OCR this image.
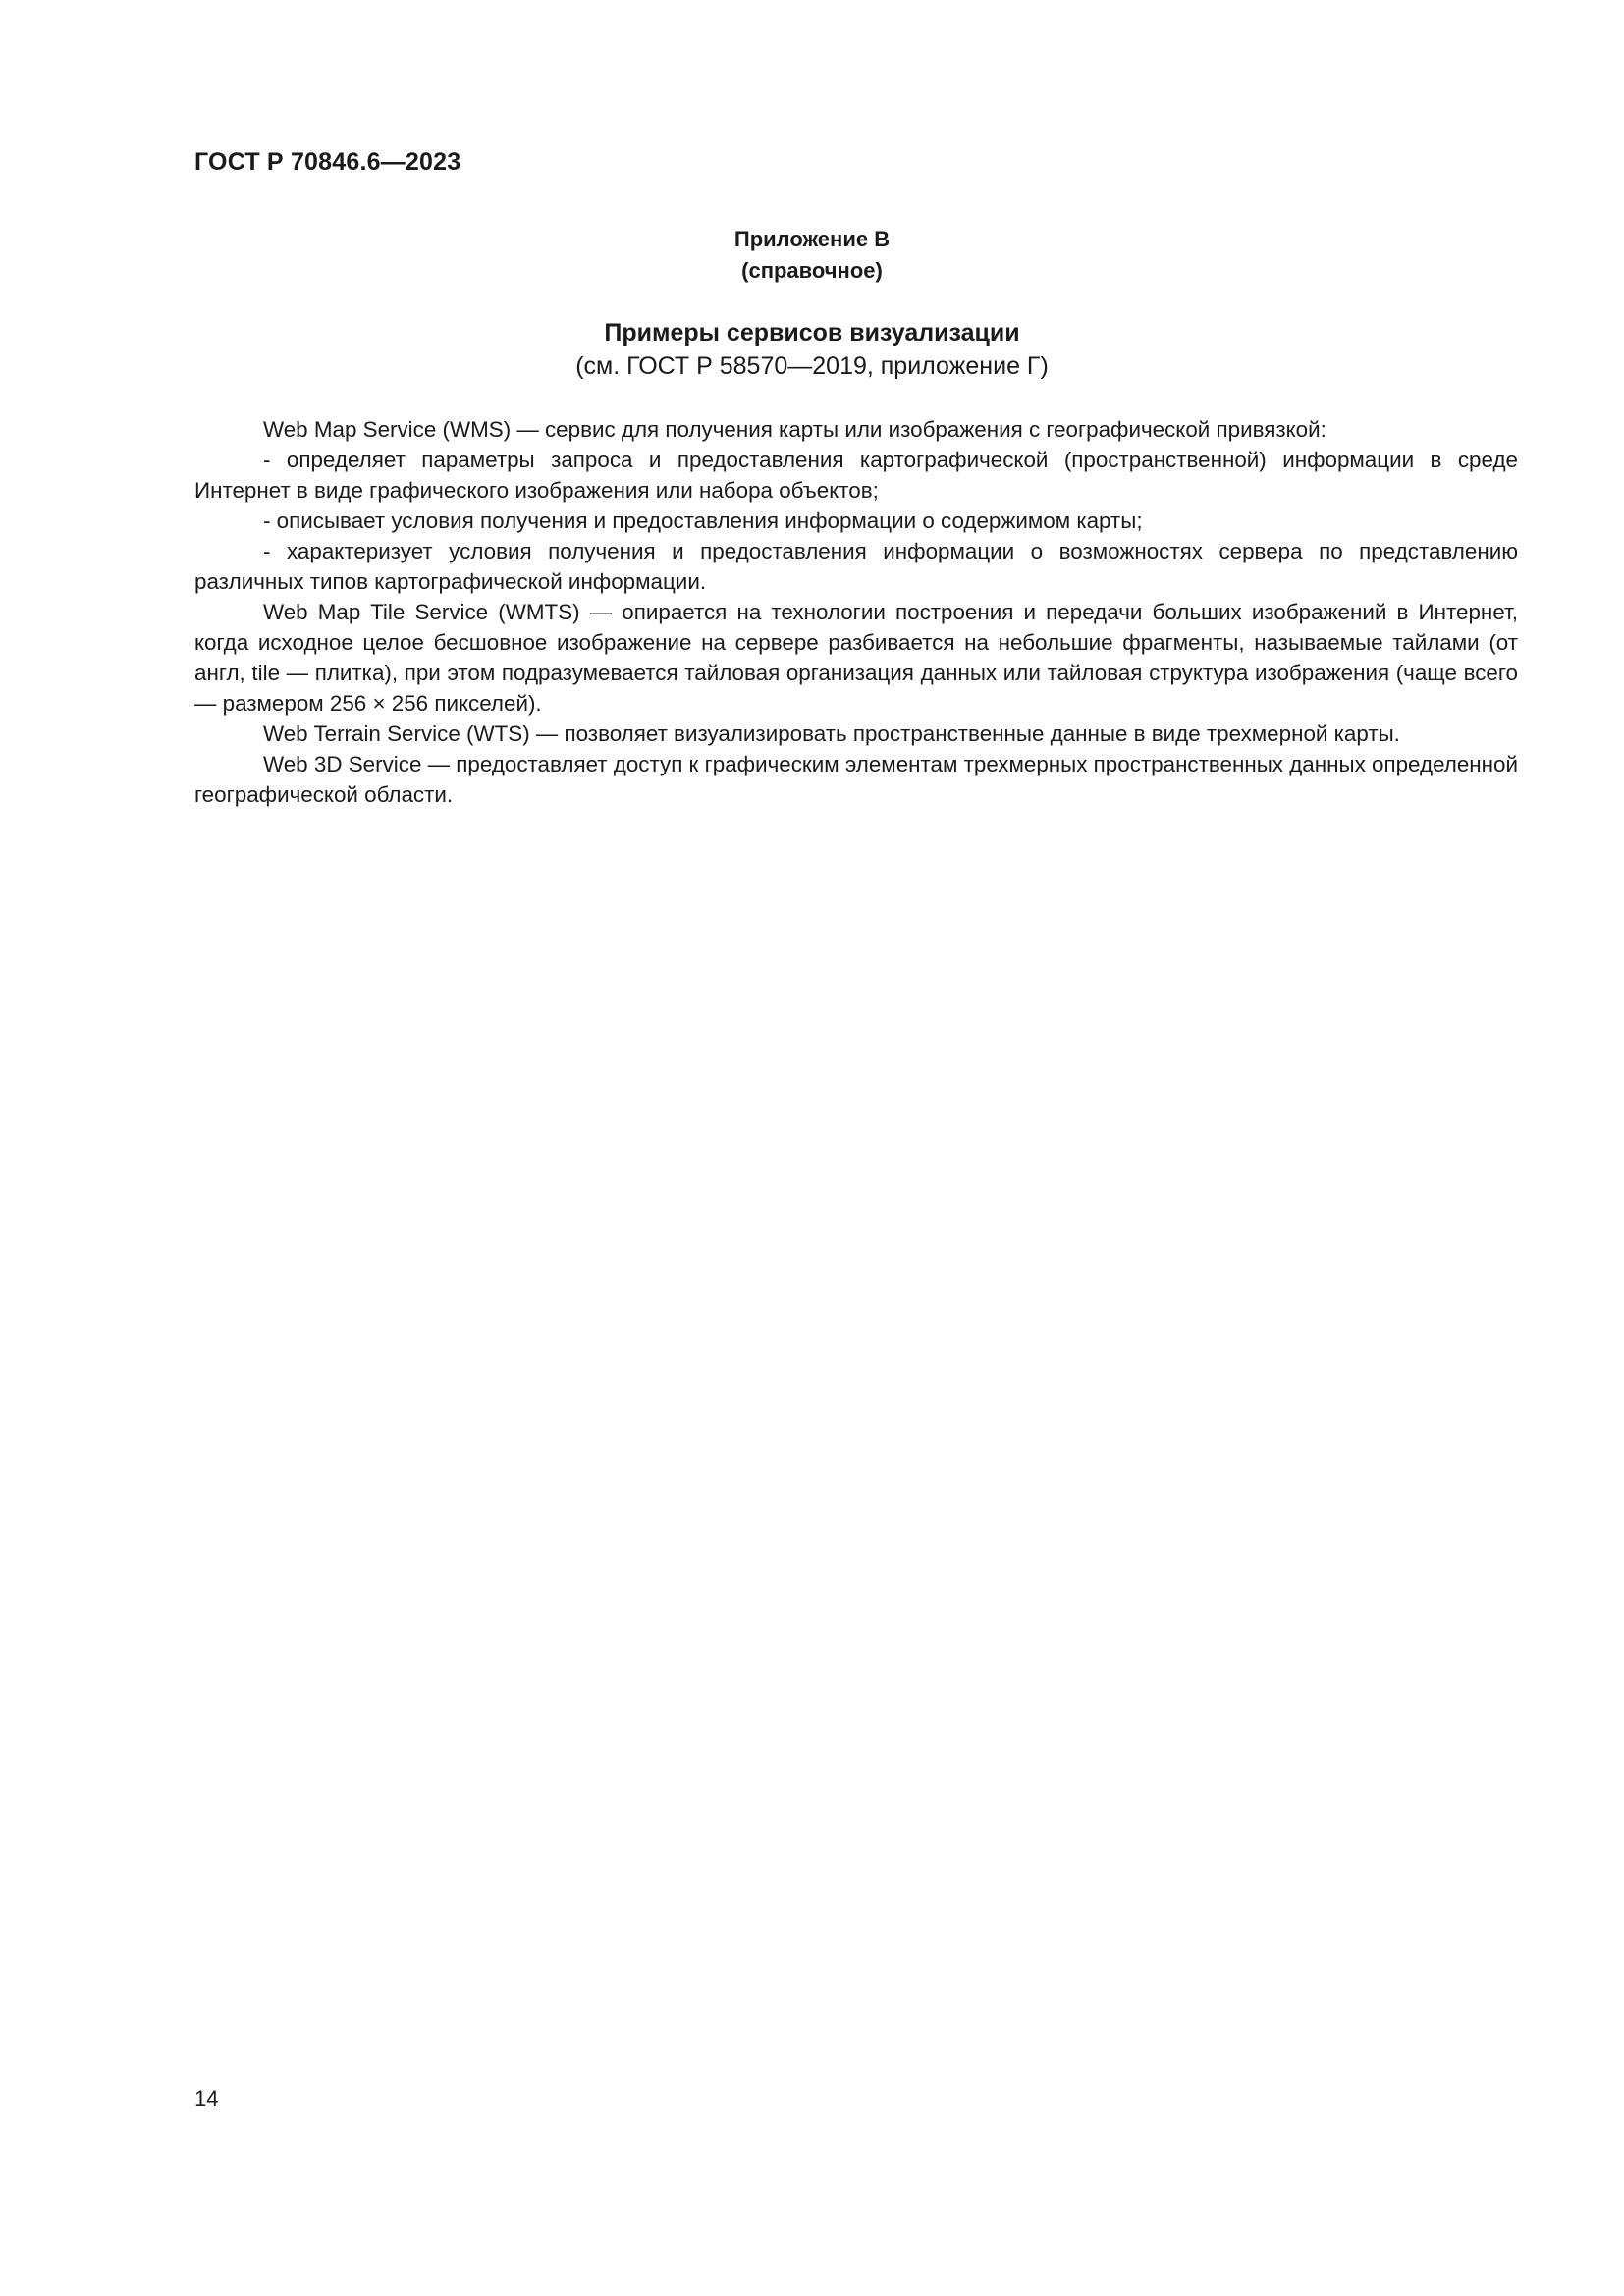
ГОСТ Р 70846.6—2023

Приложение В

(справочное)

Примеры сервисов визуализации

(см. ГОСТ Р 58570—2019, приложение Г)

Web Map Service (WMS) — сервис для получения карты или изображения с географической привязкой:

- определяет параметры запроса и предоставления картографической (пространственной) информации в среде Интернет в виде графического изображения или набора объектов;

- описывает условия получения и предоставления информации о содержимом карты;

- характеризует условия получения и предоставления информации о возможностях сервера по представлению различных типов картографической информации.

Web Map Tile Service (WMTS) — опирается на технологии построения и передачи больших изображений в Интернет, когда исходное целое бесшовное изображение на сервере разбивается на небольшие фрагменты, называемые тайлами (от англ, tile — плитка), при этом подразумевается тайловая организация данных или тайловая структура изображения (чаще всего — размером 256 × 256 пикселей).

Web Terrain Service (WTS) — позволяет визуализировать пространственные данные в виде трехмерной карты.

Web 3D Service — предоставляет доступ к графическим элементам трехмерных пространственных данных определенной географической области.

14
